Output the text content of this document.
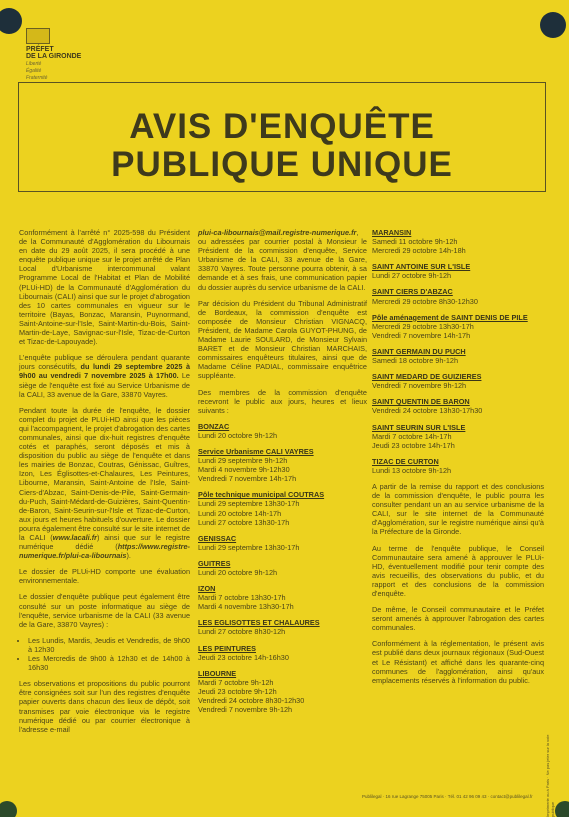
PRÉFET
DE LA GIRONDE
Liberté
Égalité
Fraternité
AVIS D'ENQUÊTE
PUBLIQUE UNIQUE

Conformément à l'arrêté n° 2025-598 du Président de la Communauté d'Agglomération du Libournais en date du 29 août 2025, il sera procédé à une enquête publique unique sur le projet arrêté de Plan Local d'Urbanisme intercommunal valant Programme Local de l'Habitat et Plan de Mobilité (PLUi-HD) de la Communauté d'Agglomération du Libournais (CALI) ainsi que sur le projet d'abrogation des 10 cartes communales en vigueur sur le territoire (Bayas, Bonzac, Maransin, Puynormand, Saint-Antoine-sur-l'Isle, Saint-Martin-du-Bois, Saint-Martin-de-Laye, Savignac-sur-l'Isle, Tizac-de-Curton et Tizac-de-Lapouyade).

L'enquête publique se déroulera pendant quarante jours consécutifs, du lundi 29 septembre 2025 à 9h00 au vendredi 7 novembre 2025 à 17h00. Le siège de l'enquête est fixé au Service Urbanisme de la CALI, 33 avenue de la Gare, 33870 Vayres.

Pendant toute la durée de l'enquête, le dossier complet du projet de PLUi-HD ainsi que les pièces qui l'accompagnent, le projet d'abrogation des cartes communales, ainsi que dix-huit registres d'enquête cotés et paraphés, seront déposés et mis à disposition du public au siège de l'enquête et dans les mairies de Bonzac, Coutras, Génissac, Guîtres, Izon, Les Églisottes-et-Chalaures, Les Peintures, Libourne, Maransin, Saint-Antoine de l'Isle, Saint-Ciers-d'Abzac, Saint-Denis-de-Pile, Saint-Germain-du-Puch, Saint-Médard-de-Guizières, Saint-Quentin-de-Baron, Saint-Seurin-sur-l'Isle et Tizac-de-Curton, aux jours et heures habituels d'ouverture. Le dossier pourra également être consulté sur le site internet de la CALI (www.lacali.fr) ainsi que sur le registre numérique dédié (https://www.registre-numerique.fr/plui-ca-libournais).

Le dossier de PLUi-HD comporte une évaluation environnementale.

Le dossier d'enquête publique peut également être consulté sur un poste informatique au siège de l'enquête, service urbanisme de la CALI (33 avenue de la Gare, 33870 Vayres) :

• Les Lundis, Mardis, Jeudis et Vendredis, de 9h00 à 12h30
• Les Mercredis de 9h00 à 12h30 et de 14h00 à 16h30

Les observations et propositions du public pourront être consignées soit sur l'un des registres d'enquête papier ouverts dans chacun des lieux de dépôt, soit transmises par voie électronique via le registre numérique dédié ou par courrier électronique à l'adresse e-mail

plui-ca-libournais@mail.registre-numerique.fr, ou adressées par courrier postal à Monsieur le Président de la commission d'enquête, Service Urbanisme de la CALI, 33 avenue de la Gare, 33870 Vayres. Toute personne pourra obtenir, à sa demande et à ses frais, une communication papier du dossier auprès du service urbanisme de la CALI.

Par décision du Président du Tribunal Administratif de Bordeaux, la commission d'enquête est composée de Monsieur Christian VIGNACQ, Président, de Madame Carola GUYOT-PHUNG, de Madame Laurie SOULARD, de Monsieur Sylvain BARET et de Monsieur Christian MARCHAIS, commissaires enquêteurs titulaires, ainsi que de Madame Céline PADIAL, commissaire enquêtrice suppléante.

Des membres de la commission d'enquête recevront le public aux jours, heures et lieux suivants :

BONZAC
Lundi 20 octobre 9h-12h
Service Urbanisme CALI VAYRES
Lundi 29 septembre 9h-12h
Mardi 4 novembre 9h-12h30
Vendredi 7 novembre 14h-17h
Pôle technique municipal COUTRAS
Lundi 29 septembre 13h30-17h
Lundi 20 octobre 14h-17h
Lundi 27 octobre 13h30-17h
GENISSAC
Lundi 29 septembre 13h30-17h
GUITRES
Lundi 20 octobre 9h-12h
IZON
Mardi 7 octobre 13h30-17h
Mardi 4 novembre 13h30-17h
LES EGLISOTTES ET CHALAURES
Lundi 27 octobre 8h30-12h
LES PEINTURES
Jeudi 23 octobre 14h-16h30
LIBOURNE
Mardi 7 octobre 9h-12h
Jeudi 23 octobre 9h-12h
Vendredi 24 octobre 8h30-12h30
Vendredi 7 novembre 9h-12h
MARANSIN
Samedi 11 octobre 9h-12h
Mercredi 29 octobre 14h-18h
SAINT ANTOINE SUR L'ISLE
Lundi 27 octobre 9h-12h
SAINT CIERS D'ABZAC
Mercredi 29 octobre 8h30-12h30
Pôle aménagement de SAINT DENIS DE PILE
Mercredi 29 octobre 13h30-17h
Vendredi 7 novembre 14h-17h
SAINT GERMAIN DU PUCH
Samedi 18 octobre 9h-12h
SAINT MEDARD DE GUIZIERES
Vendredi 7 novembre 9h-12h
SAINT QUENTIN DE BARON
Vendredi 24 octobre 13h30-17h30
SAINT SEURIN SUR L'ISLE
Mardi 7 octobre 14h-17h
Jeudi 23 octobre 14h-17h
TIZAC DE CURTON
Lundi 13 octobre 9h-12h

A partir de la remise du rapport et des conclusions de la commission d'enquête, le public pourra les consulter pendant un an au service urbanisme de la CALI, sur le site internet de la Communauté d'Agglomération, sur le registre numérique ainsi qu'à la Préfecture de la Gironde.

Au terme de l'enquête publique, le Conseil Communautaire sera amené à approuver le PLUi-HD, éventuellement modifié pour tenir compte des avis recueillis, des observations du public, et du rapport et des conclusions de la commission d'enquête.

De même, le Conseil communautaire et le Préfet seront amenés à approuver l'abrogation des cartes communales.

Conformément à la réglementation, le présent avis est publié dans deux journaux régionaux (Sud-Ouest et Le Résistant) et affiché dans les quarante-cinq communes de l'agglomération, ainsi qu'aux emplacements réservés à l'information du public.

Publilegal · 16 rue Lagrange 75005 Paris · Tél. 01 42 96 09 43 · contact@publilegal.fr	Imprimerie ou à Paris · Ne pas jeter sur la voie publique
